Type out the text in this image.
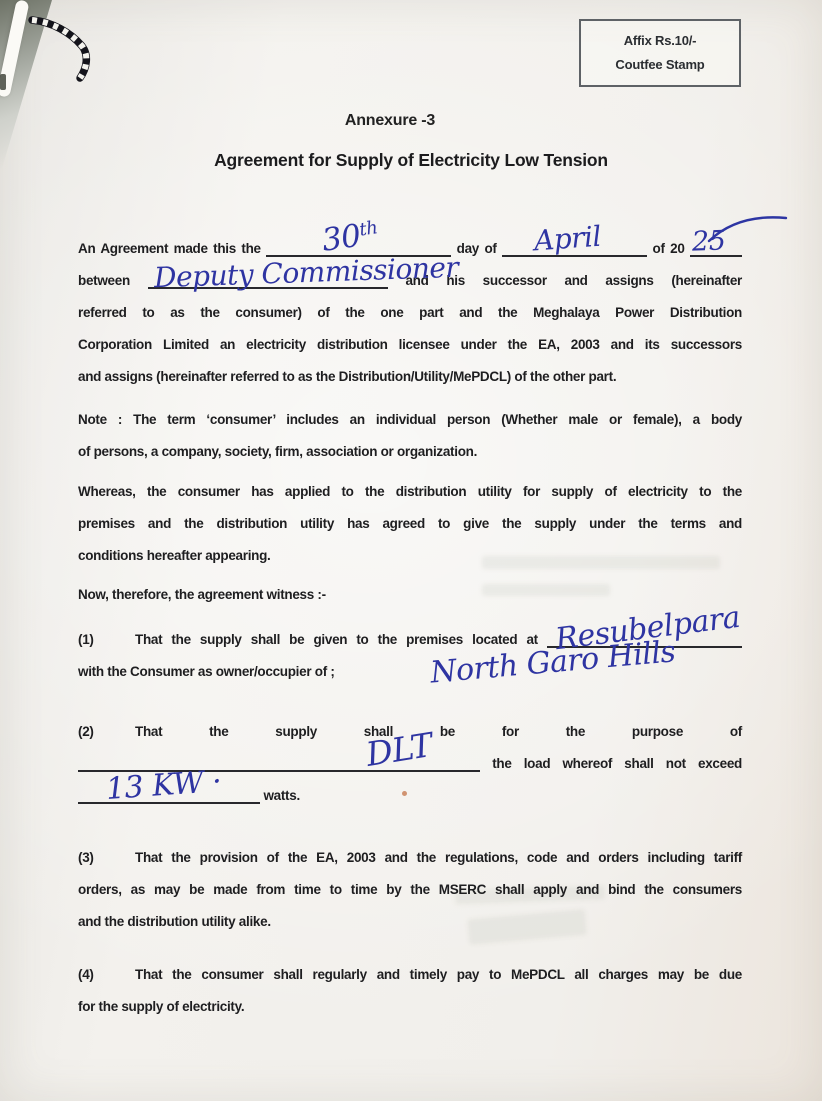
Affix Rs.10/-
Coutfee Stamp
Annexure -3
Agreement for Supply of Electricity Low Tension
An Agreement made this the 30th
day of April	of 20 25
between Deputy Commissioner
and his successor and assigns (hereinafter
referred to as the consumer) of the one part and the Meghalaya Power Distribution
Corporation Limited an electricity distribution licensee under the EA, 2003 and its successors
and assigns (hereinafter referred to as the Distribution/Utility/MePDCL) of the other part.
Note : The term ‘consumer’ includes an individual person (Whether male or female), a body
of persons, a company, society, firm, association or organization.
Whereas, the consumer has applied to the distribution utility for supply of electricity to the
premises and the distribution utility has agreed to give the supply under the terms and
conditions hereafter appearing.
Now, therefore, the agreement witness :-
(1)	That the supply shall be given to the premises located at Resubelpara
with the Consumer as owner/occupier of ;	North Garo Hills
(2)	That the supply shall be for the purpose of
DLT	the load whereof shall not exceed
13 KW ·	watts.
(3)	That the provision of the EA, 2003 and the regulations, code and orders including tariff
orders, as may be made from time to time by the MSERC shall apply and bind the consumers
and the distribution utility alike.
(4)	That the consumer shall regularly and timely pay to MePDCL all charges may be due
for the supply of electricity.
